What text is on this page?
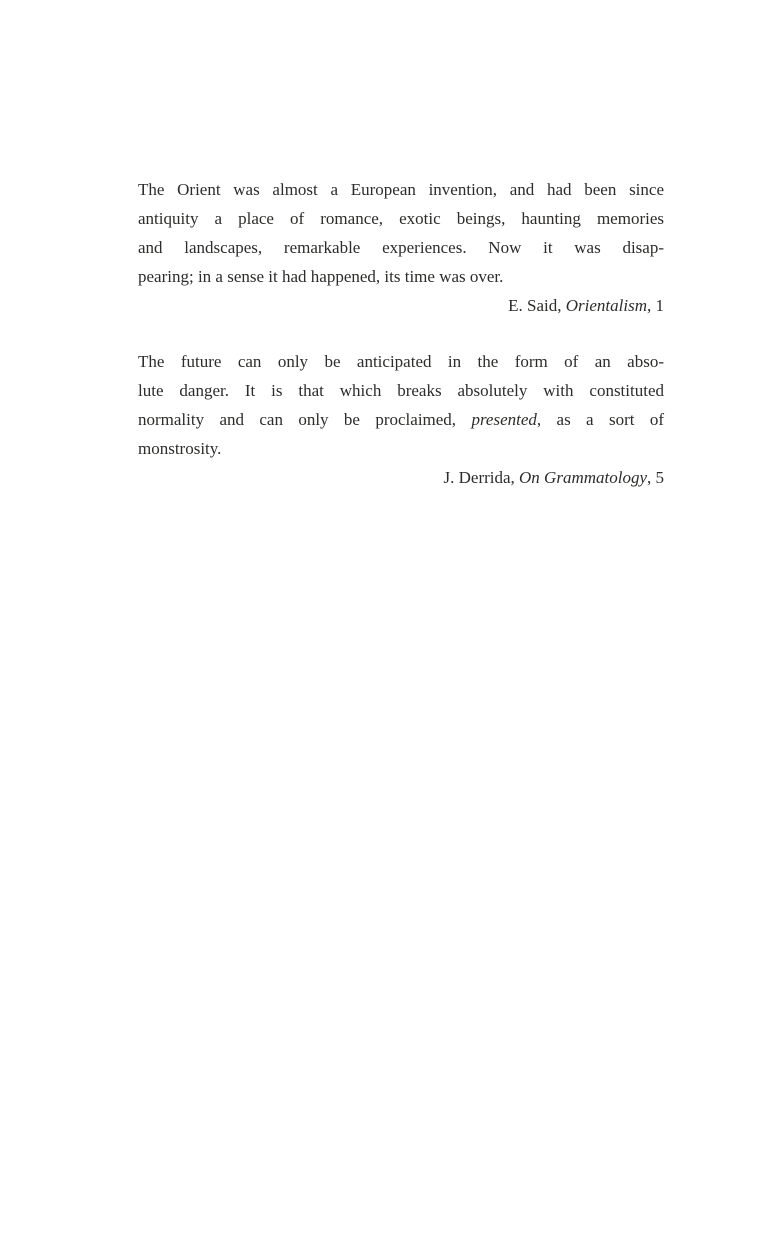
The Orient was almost a European invention, and had been since
antiquity a place of romance, exotic beings, haunting memories
and landscapes, remarkable experiences. Now it was disap-
pearing; in a sense it had happened, its time was over.
E. Said, Orientalism, 1
The future can only be anticipated in the form of an abso-
lute danger. It is that which breaks absolutely with constituted
normality and can only be proclaimed, presented, as a sort of
monstrosity.
J. Derrida, On Grammatology, 5
